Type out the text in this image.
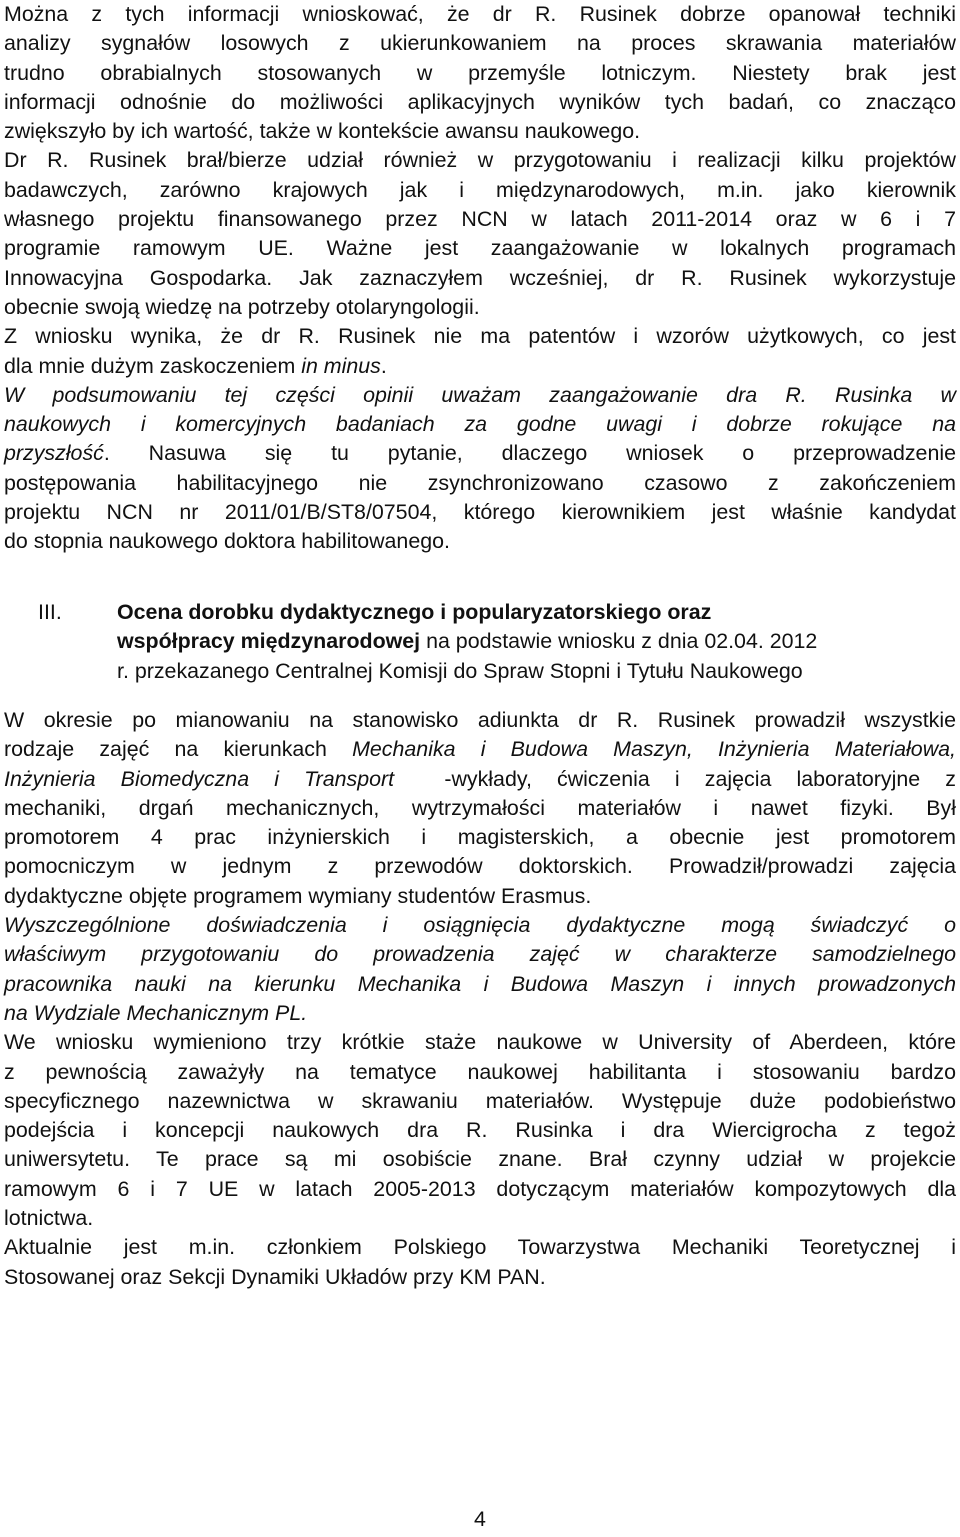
Można z tych informacji wnioskować, że dr R. Rusinek dobrze opanował techniki
analizy sygnałów losowych z ukierunkowaniem na proces skrawania materiałów
trudno obrabialnych stosowanych w przemyśle lotniczym. Niestety brak jest
informacji odnośnie do możliwości aplikacyjnych wyników tych badań, co znacząco
zwiększyło by ich wartość, także w kontekście awansu naukowego.
Dr R. Rusinek brał/bierze udział również w przygotowaniu i realizacji kilku projektów
badawczych, zarówno krajowych jak i międzynarodowych, m.in. jako kierownik
własnego projektu finansowanego przez NCN w latach 2011-2014 oraz w 6 i 7
programie ramowym UE. Ważne jest zaangażowanie w lokalnych programach
Innowacyjna Gospodarka. Jak zaznaczyłem wcześniej, dr R. Rusinek wykorzystuje
obecnie swoją wiedzę na potrzeby otolaryngologii.
Z wniosku wynika, że dr R. Rusinek nie ma patentów i wzorów użytkowych, co jest
dla mnie dużym zaskoczeniem in minus.
W podsumowaniu tej części opinii uważam zaangażowanie dra R. Rusinka w
naukowych i komercyjnych badaniach za godne uwagi i dobrze rokujące na
przyszłość. Nasuwa się tu pytanie, dlaczego wniosek o przeprowadzenie
postępowania habilitacyjnego nie zsynchronizowano czasowo z zakończeniem
projektu NCN nr 2011/01/B/ST8/07504, którego kierownikiem jest właśnie kandydat
do stopnia naukowego doktora habilitowanego.
III.	Ocena dorobku dydaktycznego i popularyzatorskiego oraz
współpracy międzynarodowej na podstawie wniosku z dnia 02.04. 2012
r. przekazanego Centralnej Komisji do Spraw Stopni i Tytułu Naukowego
W okresie po mianowaniu na stanowisko adiunkta dr R. Rusinek prowadził wszystkie
rodzaje zajęć na kierunkach Mechanika i Budowa Maszyn, Inżynieria Materiałowa,
Inżynieria Biomedyczna i Transport  -wykłady, ćwiczenia i zajęcia laboratoryjne z
mechaniki, drgań mechanicznych, wytrzymałości materiałów i nawet fizyki. Był
promotorem 4 prac inżynierskich i magisterskich, a obecnie jest promotorem
pomocniczym w jednym z przewodów doktorskich. Prowadził/prowadzi zajęcia
dydaktyczne objęte programem wymiany studentów Erasmus.
Wyszczególnione doświadczenia i osiągnięcia dydaktyczne mogą świadczyć o
właściwym przygotowaniu do prowadzenia zajęć w charakterze samodzielnego
pracownika nauki na kierunku Mechanika i Budowa Maszyn i innych prowadzonych
na Wydziale Mechanicznym PL.
We wniosku wymieniono trzy krótkie staże naukowe w University of Aberdeen, które
z pewnością zaważyły na tematyce naukowej habilitanta i stosowaniu bardzo
specyficznego nazewnictwa w skrawaniu materiałów. Występuje duże podobieństwo
podejścia i koncepcji naukowych dra R. Rusinka i dra Wiercigrocha z tegoż
uniwersytetu. Te prace są mi osobiście znane. Brał czynny udział w projekcie
ramowym 6 i 7 UE w latach 2005-2013 dotyczącym materiałów kompozytowych dla
lotnictwa.
Aktualnie jest m.in. członkiem Polskiego Towarzystwa Mechaniki Teoretycznej i
Stosowanej oraz Sekcji Dynamiki Układów przy KM PAN.
4
